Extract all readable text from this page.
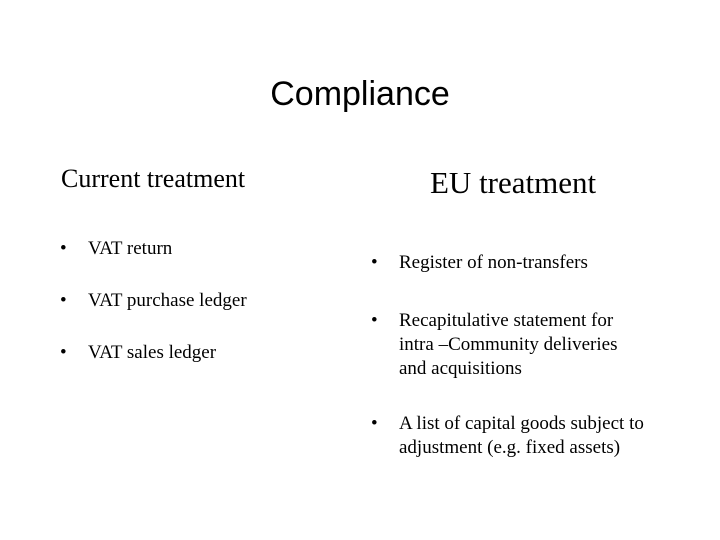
Compliance
Current treatment	EU treatment
• VAT return
• VAT purchase ledger
• VAT sales ledger
• Register of non-transfers
• Recapitulative statement for
intra –Community deliveries
and acquisitions
• A list of capital goods subject to
adjustment (e.g. fixed assets)
